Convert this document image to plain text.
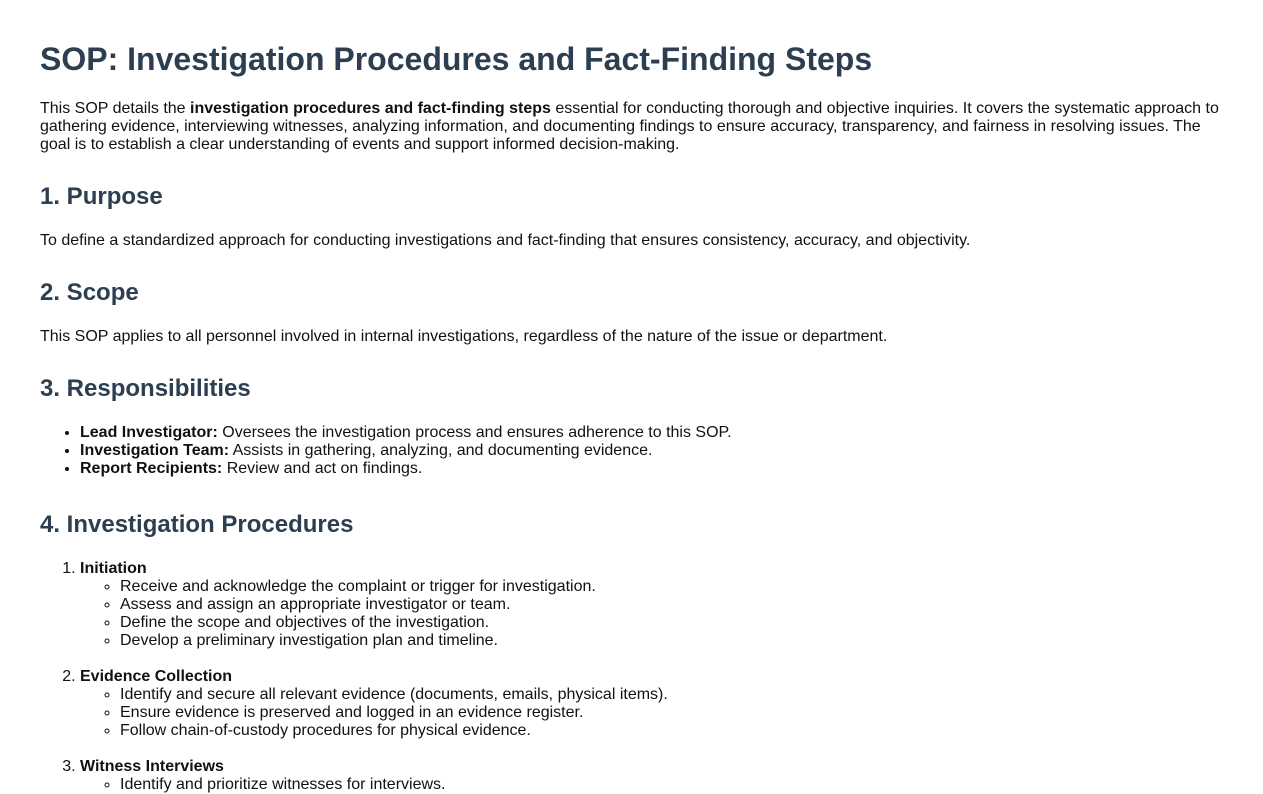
SOP: Investigation Procedures and Fact-Finding Steps

This SOP details the investigation procedures and fact-finding steps essential for conducting thorough and objective inquiries. It covers the systematic approach to gathering evidence, interviewing witnesses, analyzing information, and documenting findings to ensure accuracy, transparency, and fairness in resolving issues. The goal is to establish a clear understanding of events and support informed decision-making.

1. Purpose

To define a standardized approach for conducting investigations and fact-finding that ensures consistency, accuracy, and objectivity.

2. Scope

This SOP applies to all personnel involved in internal investigations, regardless of the nature of the issue or department.

3. Responsibilities
• Lead Investigator: Oversees the investigation process and ensures adherence to this SOP.
• Investigation Team: Assists in gathering, analyzing, and documenting evidence.
• Report Recipients: Review and act on findings.
4. Investigation Procedures
1. Initiation
◦ Receive and acknowledge the complaint or trigger for investigation.
◦ Assess and assign an appropriate investigator or team.
◦ Define the scope and objectives of the investigation.
◦ Develop a preliminary investigation plan and timeline.
2. Evidence Collection
◦ Identify and secure all relevant evidence (documents, emails, physical items).
◦ Ensure evidence is preserved and logged in an evidence register.
◦ Follow chain-of-custody procedures for physical evidence.
3. Witness Interviews
◦ Identify and prioritize witnesses for interviews.
